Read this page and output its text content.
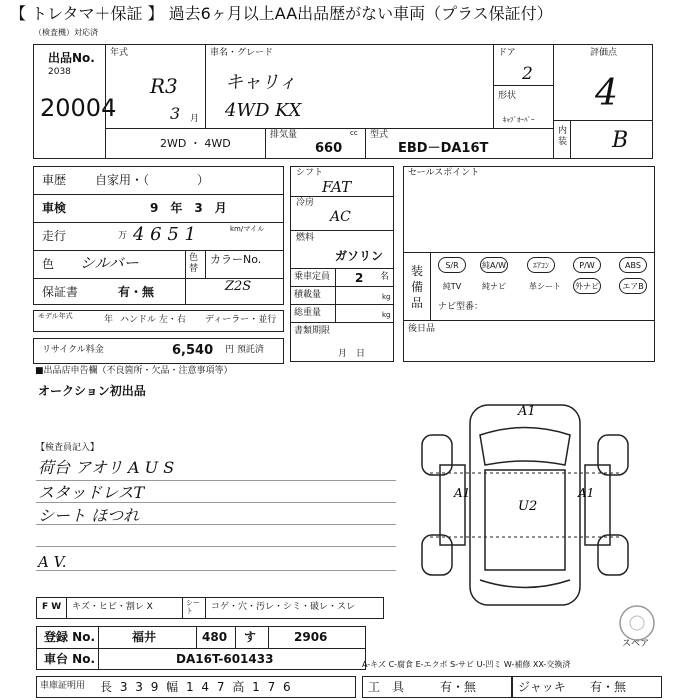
【 トレタマ＋保証 】 過去6ヶ月以上AA出品歴がない車両（プラス保証付）
（検査機）対応済
出品No.
2038
20004
年式
R3
3 月
車名・グレード
キャリィ
4WD KX
ドア
2
形状
ｷｬﾌﾞｵｰﾊﾞｰ
評価点
4
内装 B
2WD ・ 4WD
排気量	cc
660
型式
EBD－DA16T
車歴 自家用・（　　　　）
車検	9　年　3　月
走行	万 4 6 5 1	km/マイル
色 シルバー	色替
カラーNo.
Z2S
保証書	有・無
モデル年式	年 ハンドル 左・右 ディーラー・並行
リサイクル料金	6,540 円 預託済
シフト
FAT
冷房
AC
燃料
ガソリン
乗車定員 2 名
積載量	kg
総重量	kg
書類期限
月　日
セールスポイント
装備品
S/R	純A/W	ｴｱｺﾝ	P/W	ABS
純TV	純ナビ	革シート 外ナビ	エアB
ナビ型番：
後日品
■出品店申告欄（不良箇所・欠品・注意事項等）
オークション初出品
【検査員記入】
荷台 アオリ A U S
スタッドレスT
シート ほつれ
A V.
A1
A1
U2
A1
スペア
F W キズ・ヒビ・割レ X	シート	コゲ・穴・汚レ・シミ・破レ・スレ
登録 No.	福井	480 す	2906
車台 No.	DA16T-601433	A-キズ C-腐食 E-エクボ S-サビ U-凹ミ W-補修 XX-交換済
車庫証明用 長 3 3 9 幅 1 4 7 高 1 7 6	工　具	有・無	ジャッキ 有・無
